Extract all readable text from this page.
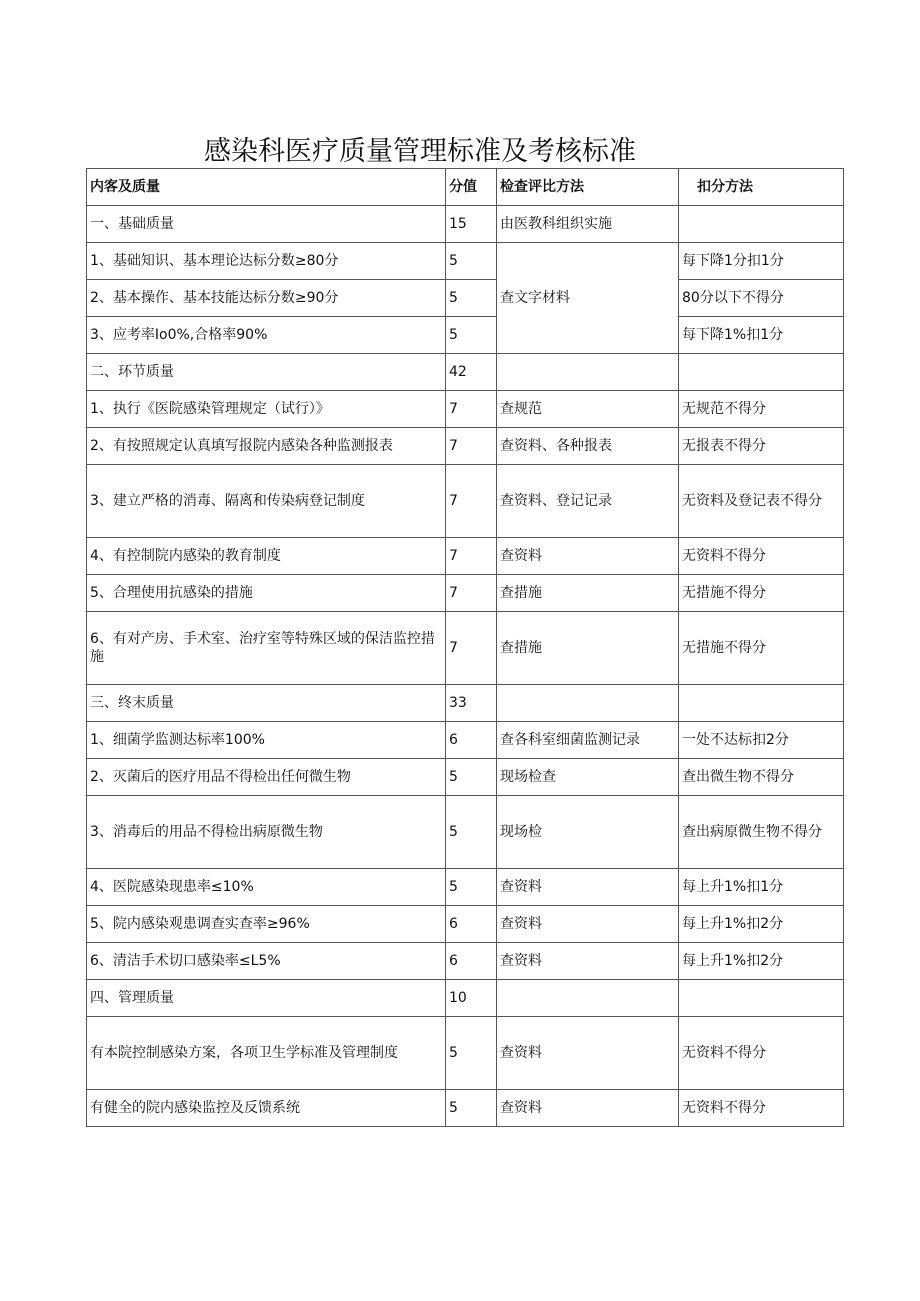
感染科医疗质量管理标准及考核标准
内客及质量	分值	检查评比方法	扣分方法
一、基础质量	15	由医教科组织实施	
1、基础知识、基本理论达标分数≥80分	5	查文字材料	每下降1分扣1分
2、基本操作、基本技能达标分数≥90分	5		80分以下不得分
3、应考率Io0%,合格率90%	5		每下降1%扣1分
二、环节质量	42		
1、执行《医院感染管理规定（试行）》	7	查规范	无规范不得分
2、有按照规定认真填写报院内感染各种监测报表	7	查资料、各种报表	无报表不得分
3、建立严格的消毒、隔离和传染病登记制度	7	查资料、登记记录	无资料及登记表不得分
4、有控制院内感染的教育制度	7	查资料	无资料不得分
5、合理使用抗感染的措施	7	查措施	无措施不得分
6、有对产房、手术室、治疗室等特殊区域的保洁监控措施	7	查措施	无措施不得分
三、终末质量	33		
1、细菌学监测达标率100%	6	查各科室细菌监测记录	一处不达标扣2分
2、灭菌后的医疗用品不得检出任何微生物	5	现场检查	查出微生物不得分
3、消毒后的用品不得检出病原微生物	5	现场检	查出病原微生物不得分
4、医院感染现患率≤10%	5	查资料	每上升1%扣1分
5、院内感染观患调查实查率≥96%	6	查资料	每上升1%扣2分
6、清洁手术切口感染率≤L5%	6	查资料	每上升1%扣2分
四、管理质量	10		
有本院控制感染方案，各项卫生学标准及管理制度	5	查资料	无资料不得分
有健全的院内感染监控及反馈系统	5	查资料	无资料不得分
